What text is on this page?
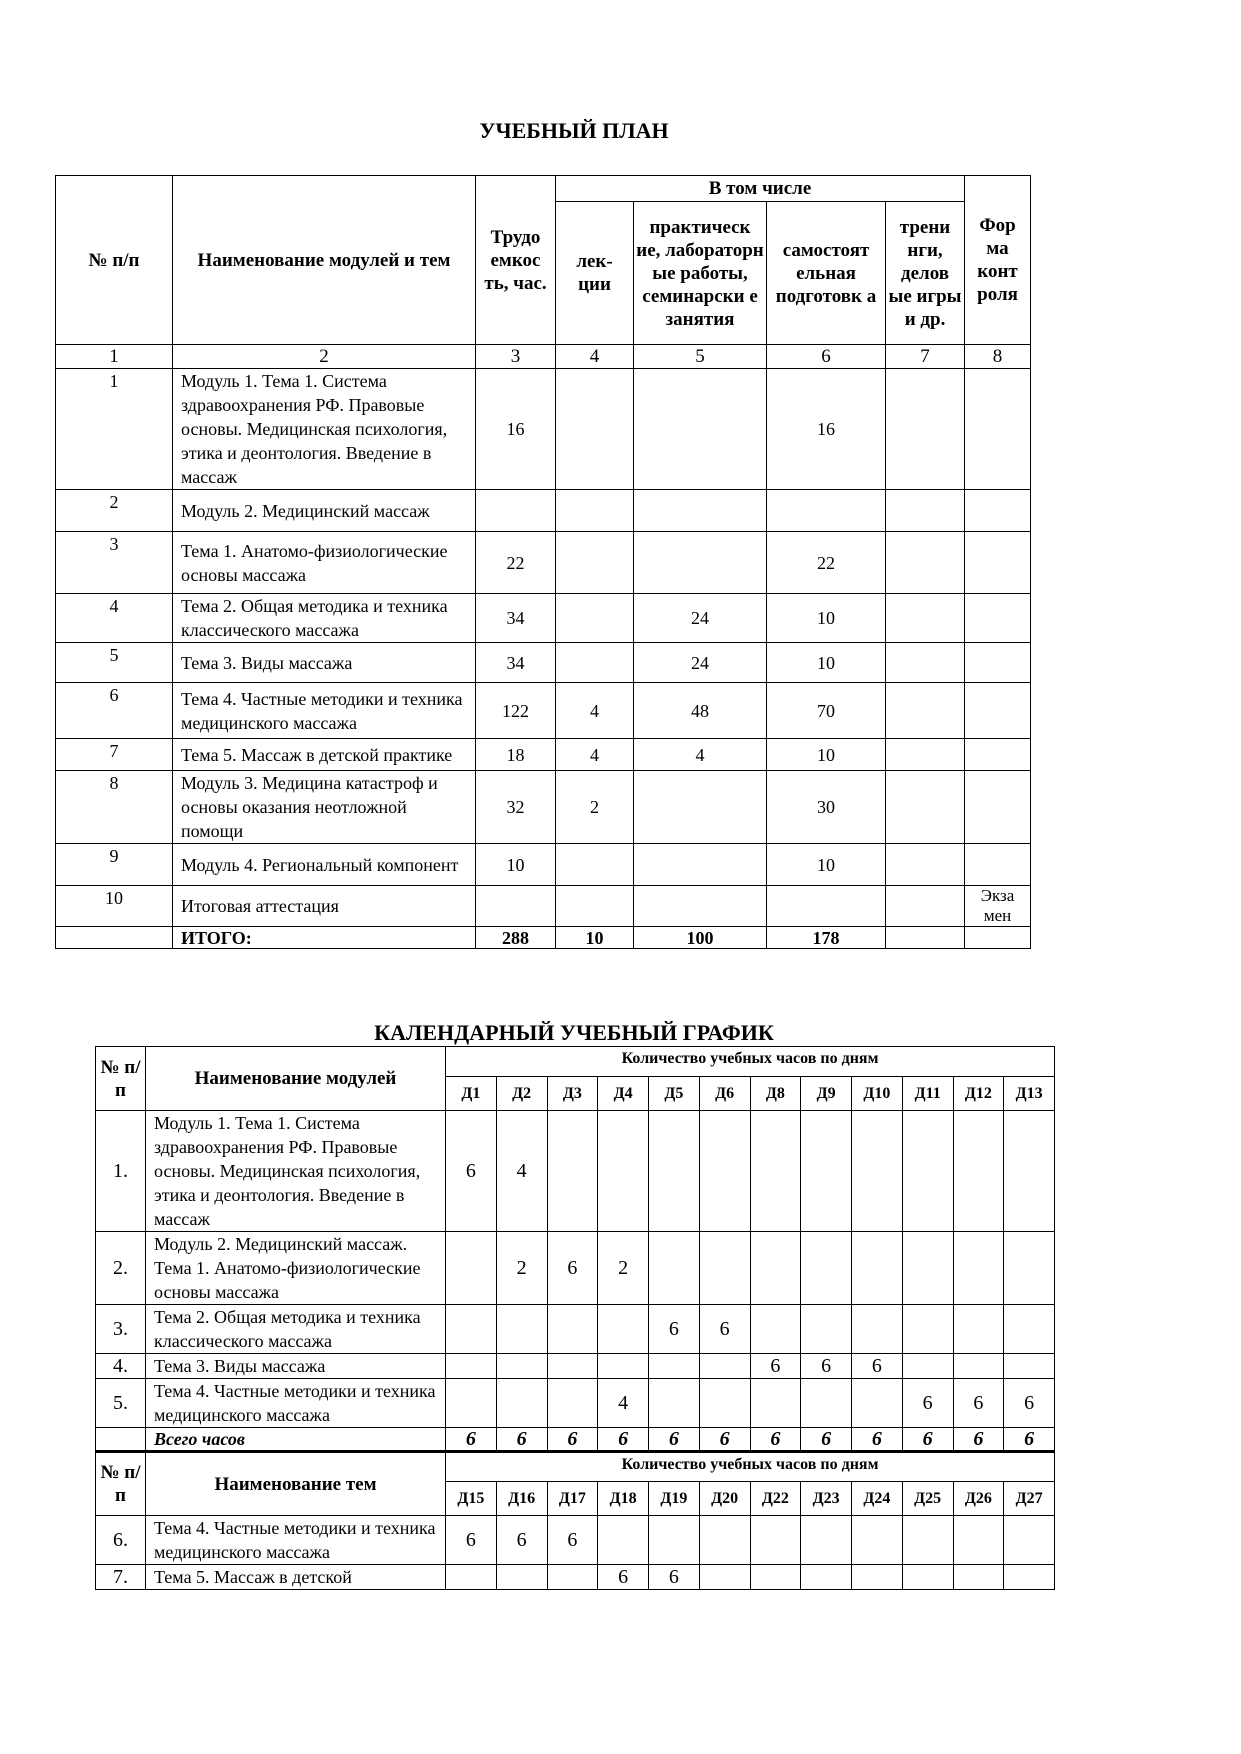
УЧЕБНЫЙ ПЛАН
№ п/п	Наименование модулей и тем	Трудо емкос ть, час.	В том числе				Фор ма конт роля
			лек- ции	практическ ие, лабораторн ые работы, семинарски е занятия	самостоят ельная подготовк а	трени нги, делов ые игры и др.	
1	2	3	4	5	6	7	8
1	Модуль 1. Тема 1. Система здравоохранения РФ. Правовые основы. Медицинская психология, этика и деонтология. Введение в массаж	16			16		
2	Модуль 2. Медицинский массаж						
3	Тема 1. Анатомо-физиологические основы массажа	22			22		
4	Тема 2. Общая методика и техника классического массажа	34		24	10		
5	Тема 3. Виды массажа	34		24	10		
6	Тема 4. Частные методики и техника медицинского массажа	122	4	48	70		
7	Тема 5. Массаж в детской практике	18	4	4	10		
8	Модуль 3. Медицина катастроф и основы оказания неотложной помощи	32	2		30		
9	Модуль 4. Региональный компонент	10			10		
10	Итоговая аттестация						Экза мен
	ИТОГО:	288	10	100	178		
КАЛЕНДАРНЫЙ УЧЕБНЫЙ ГРАФИК
№ п/п	Наименование модулей	Количество учебных часов по дням											
		Д1	Д2	Д3	Д4	Д5	Д6	Д8	Д9	Д10	Д11	Д12	Д13
1.	Модуль 1. Тема 1. Система здравоохранения РФ. Правовые основы. Медицинская психология, этика и деонтология. Введение в массаж	6	4										
2.	Модуль 2. Медицинский массаж. Тема 1. Анатомо-физиологические основы массажа		2	6	2								
3.	Тема 2. Общая методика и техника классического массажа					6	6						
4.	Тема 3. Виды массажа							6	6	6			
5.	Тема 4. Частные методики и техника медицинского массажа				4						6	6	6
	Всего часов	6	6	6	6	6	6	6	6	6	6	6	6
№ п/п	Наименование тем	Количество учебных часов по дням											
		Д15	Д16	Д17	Д18	Д19	Д20	Д22	Д23	Д24	Д25	Д26	Д27
6.	Тема 4. Частные методики и техника медицинского массажа	6	6	6									
7.	Тема 5. Массаж в детской				6	6							
